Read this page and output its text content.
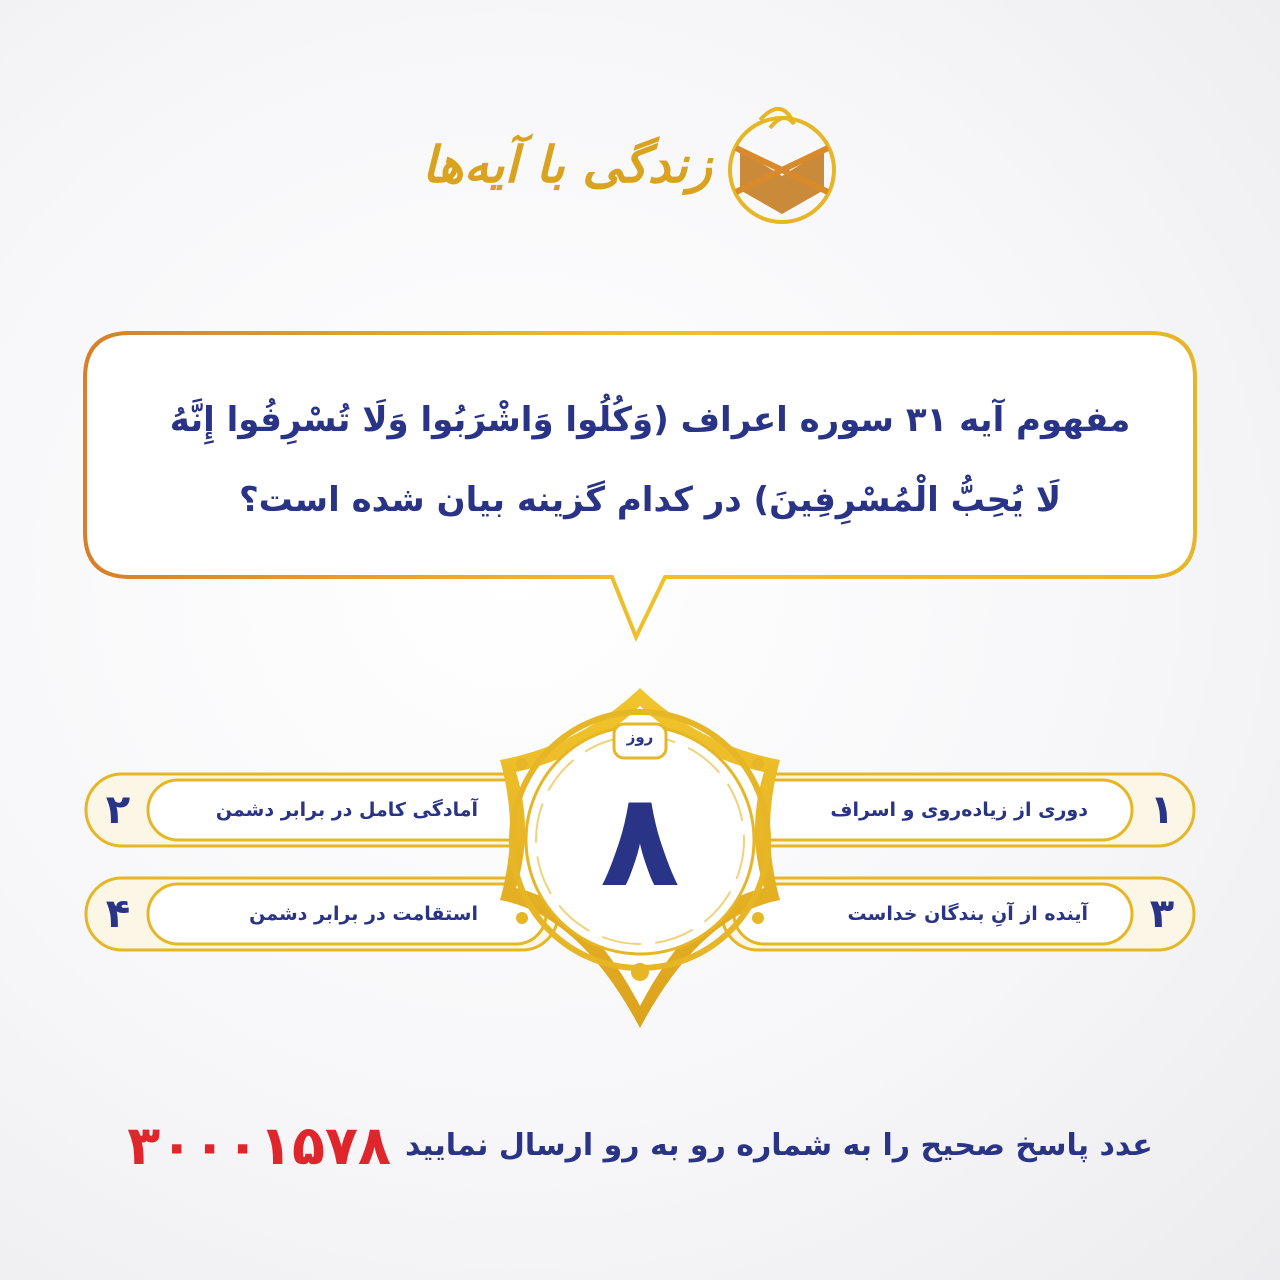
زندگی با آیه‌ها
مفهوم آیه ۳۱ سوره اعراف (وَكُلُوا وَاشْرَبُوا وَلَا تُسْرِفُوا إِنَّهُ
لَا يُحِبُّ الْمُسْرِفِينَ) در کدام گزینه بیان شده است؟
روز
۸	۱
دوری از زیاده‌روی و اسراف
۲	آمادگی کامل در برابر دشمن
۳
آینده از آنِ بندگان خداست
۴	استقامت در برابر دشمن
عدد پاسخ صحیح را به شماره رو به رو ارسال نمایید
۳۰۰۰۱۵۷۸
